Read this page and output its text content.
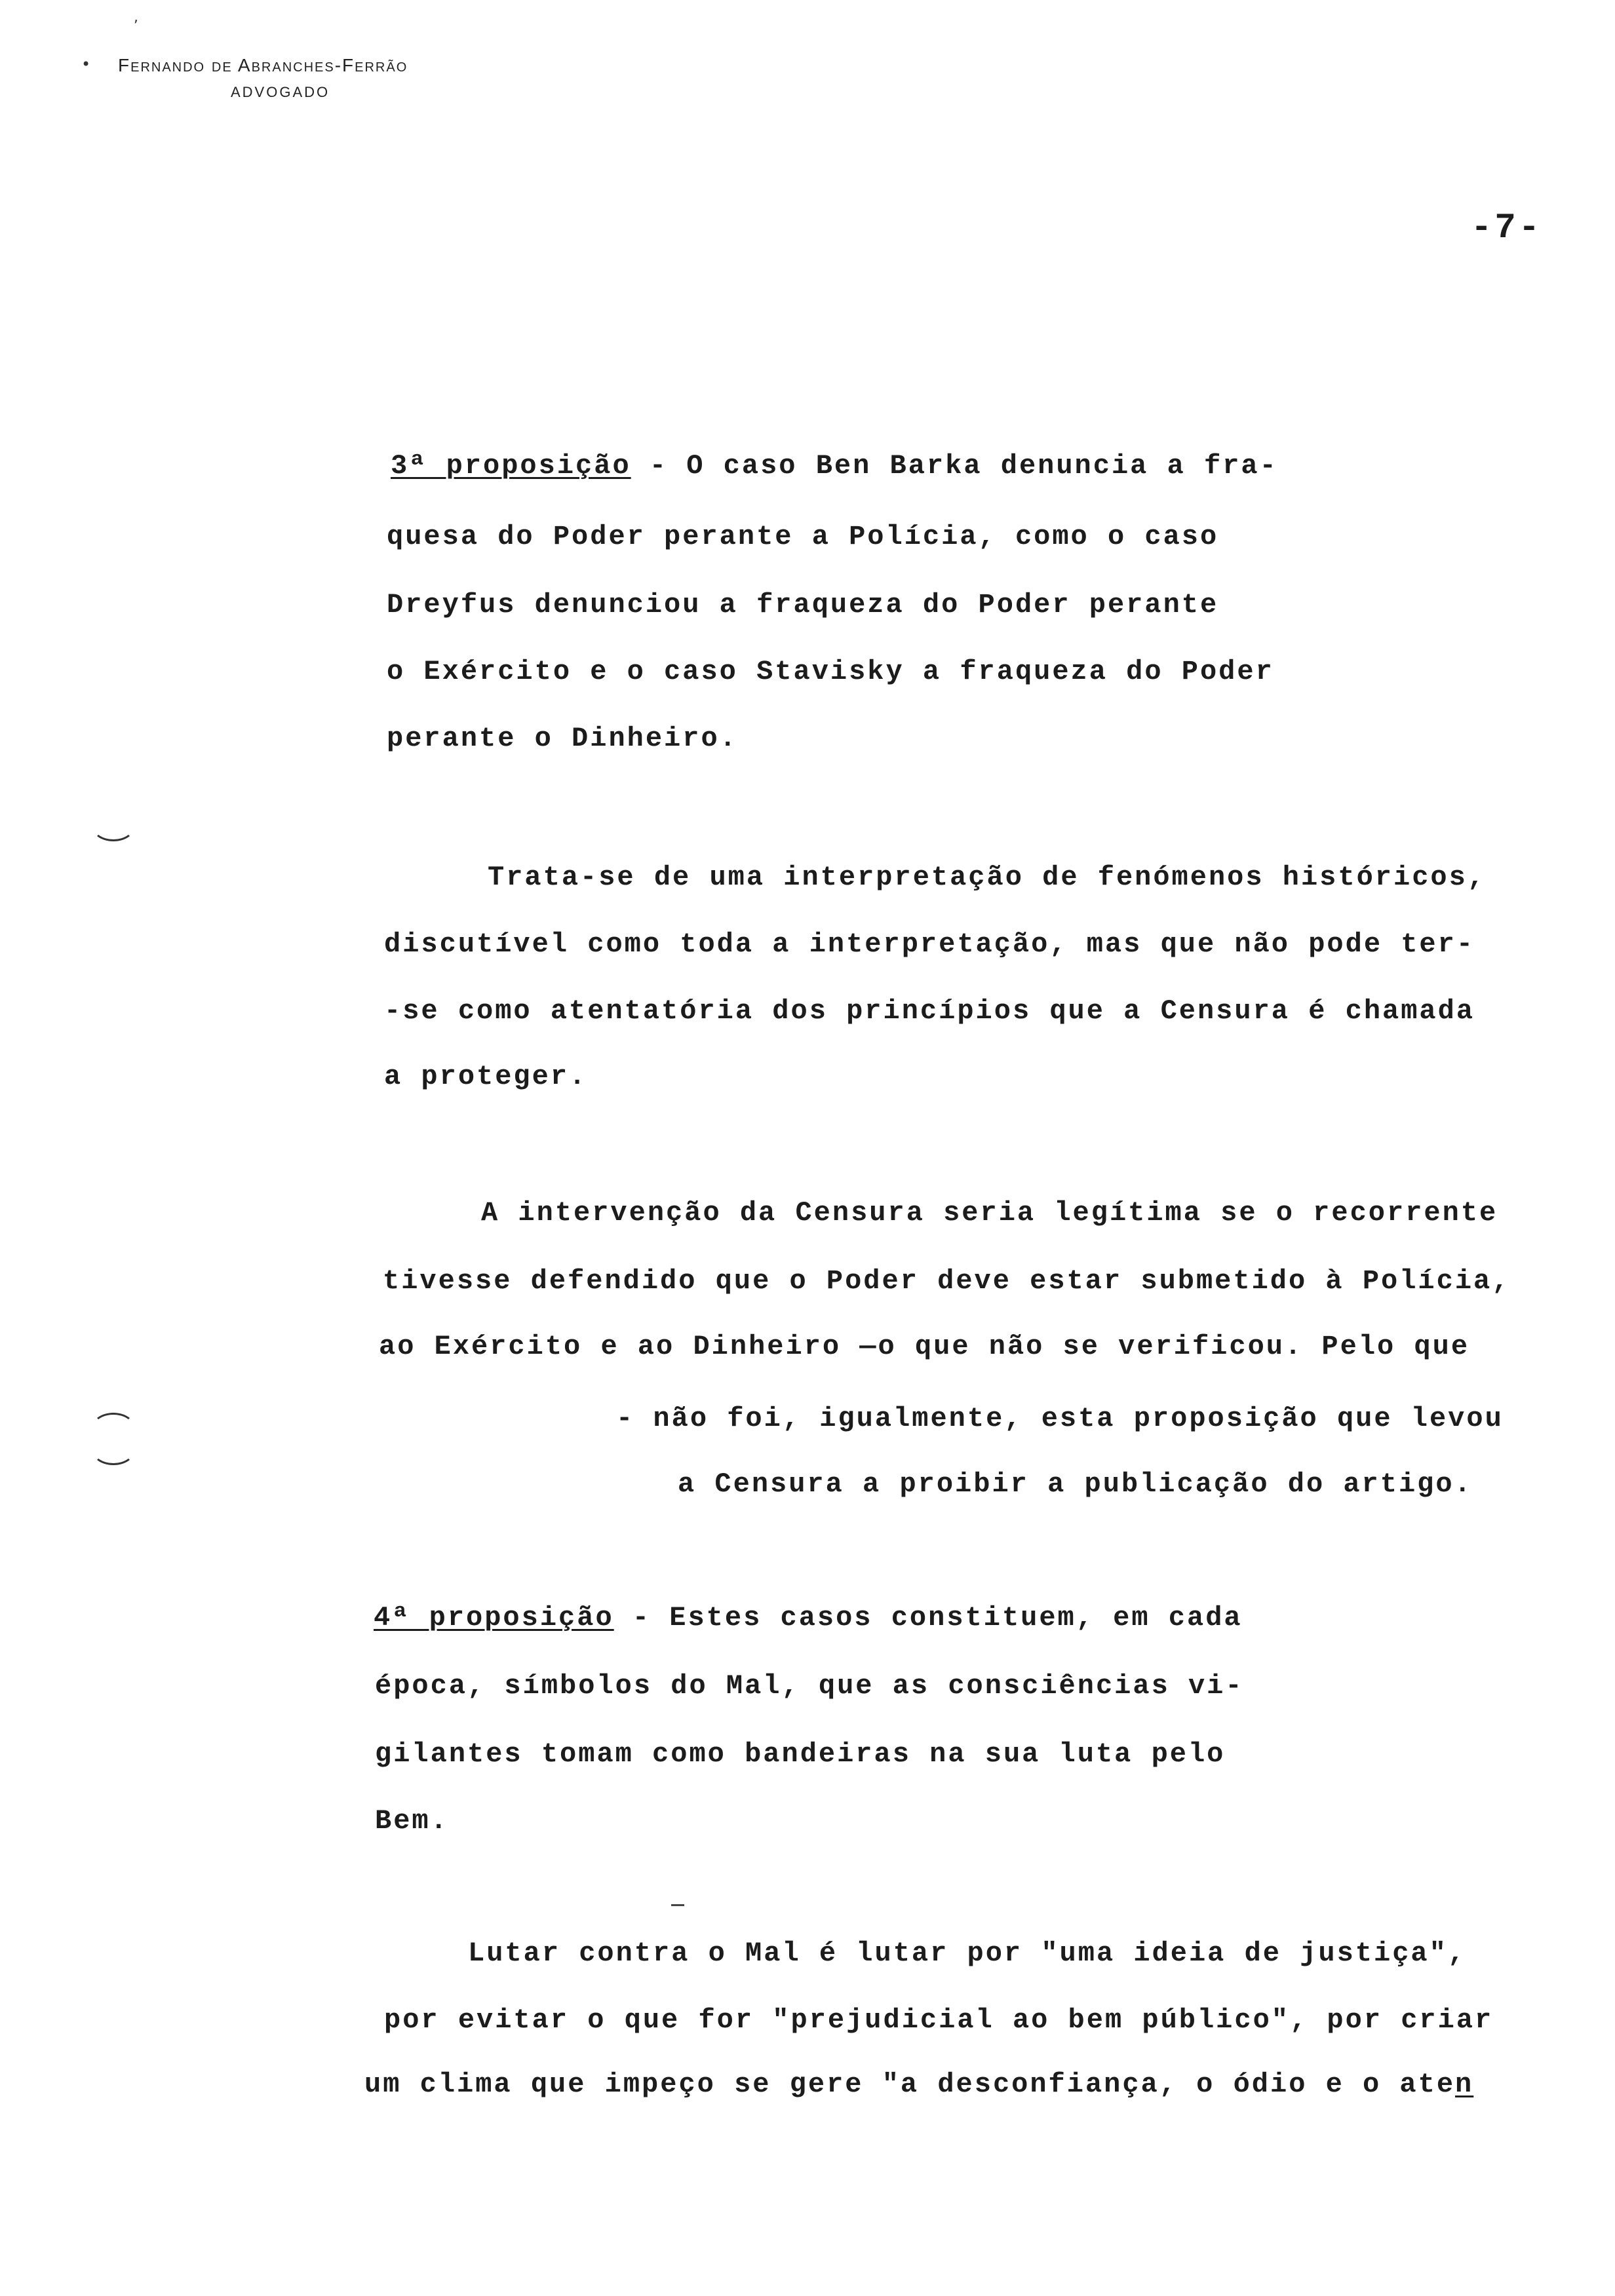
,
• Fernando de Abranches-Ferrão
ADVOGADO
-7-
3ª proposição - O caso Ben Barka denuncia a fra-
quesa do Poder perante a Polícia, como o caso
Dreyfus denunciou a fraqueza do Poder perante
o Exército e o caso Stavisky a fraqueza do Poder
perante o Dinheiro.
Trata-se de uma interpretação de fenómenos históricos,
discutível como toda a interpretação, mas que não pode ter-
-se como atentatória dos princípios que a Censura é chamada
a proteger.
A intervenção da Censura seria legítima se o recorrente
tivesse defendido que o Poder deve estar submetido à Polícia,
ao Exército e ao Dinheiro —o que não se verificou. Pelo que
- não foi, igualmente, esta proposição que levou
a Censura a proibir a publicação do artigo.
4ª proposição - Estes casos constituem, em cada
época, símbolos do Mal, que as consciências vi-
gilantes tomam como bandeiras na sua luta pelo
Bem.
Lutar contra o Mal é lutar por "uma ideia de justiça",
por evitar o que for "prejudicial ao bem público", por criar
um clima que impeço se gere "a desconfiança, o ódio e o aten
